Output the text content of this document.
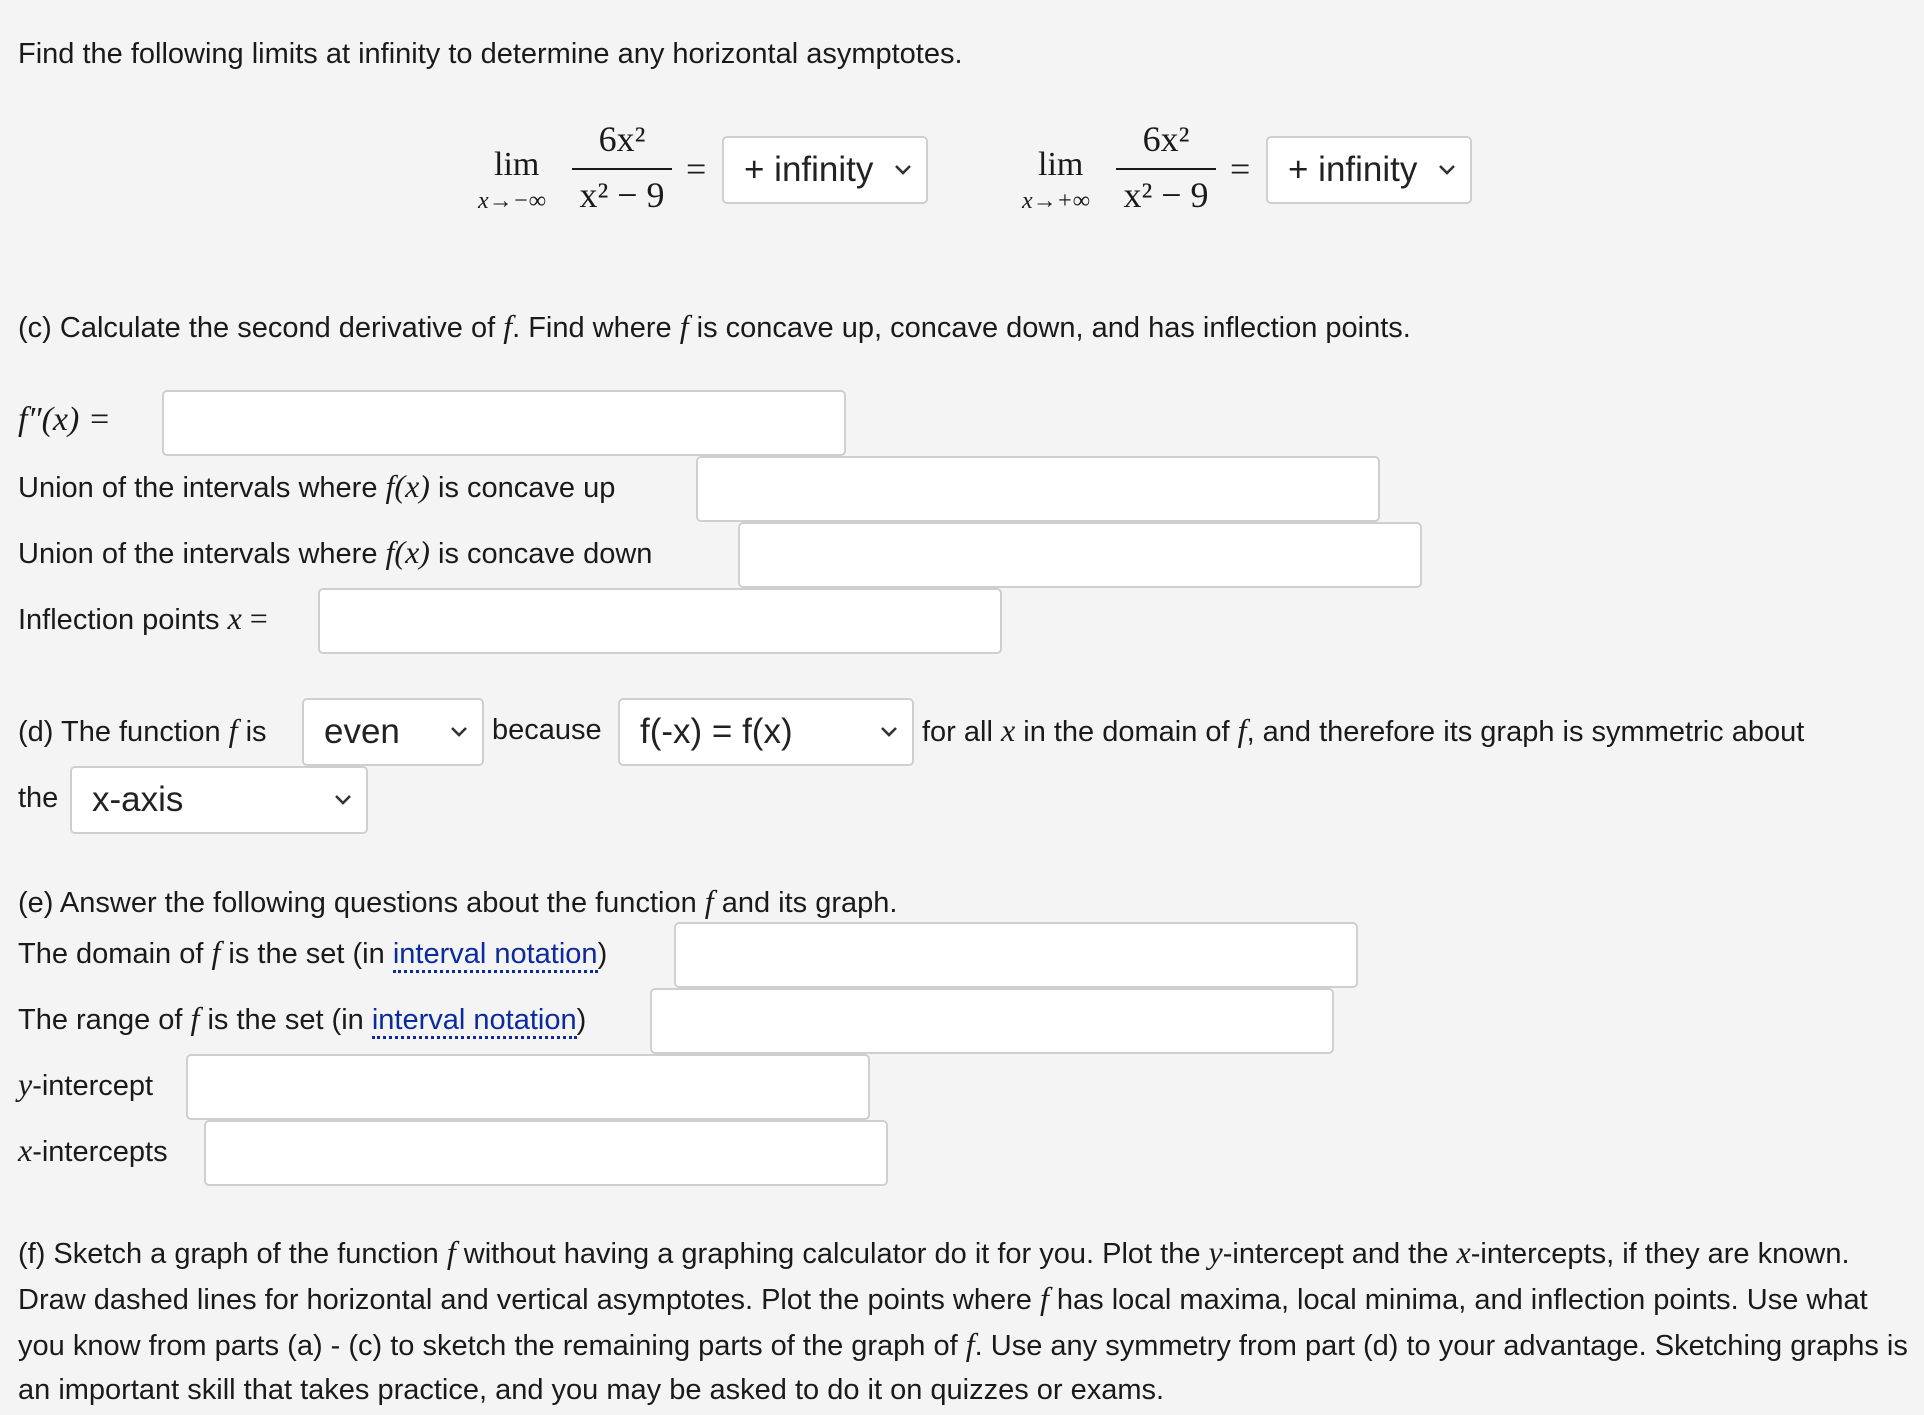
Find the following limits at infinity to determine any horizontal asymptotes.
lim
x→−∞
6x²
x² − 9
= + infinity	lim
x→+∞
6x²
x² − 9
= + infinity
(c) Calculate the second derivative of f. Find where f is concave up, concave down, and has inflection points.
f″(x) =
Union of the intervals where f(x) is concave up
Union of the intervals where f(x) is concave down
Inflection points x =
(d) The function f is even	because f(-x) = f(x)	for all x in the domain of f, and therefore its graph is symmetric about
the x-axis
(e) Answer the following questions about the function f and its graph.
The domain of f is the set (in interval notation)
The range of f is the set (in interval notation)
y-intercept
x-intercepts
(f) Sketch a graph of the function f without having a graphing calculator do it for you. Plot the y-intercept and the x-intercepts, if they are known. Draw dashed lines for horizontal and vertical asymptotes. Plot the points where f has local maxima, local minima, and inflection points. Use what you know from parts (a) - (c) to sketch the remaining parts of the graph of f. Use any symmetry from part (d) to your advantage. Sketching graphs is an important skill that takes practice, and you may be asked to do it on quizzes or exams.
